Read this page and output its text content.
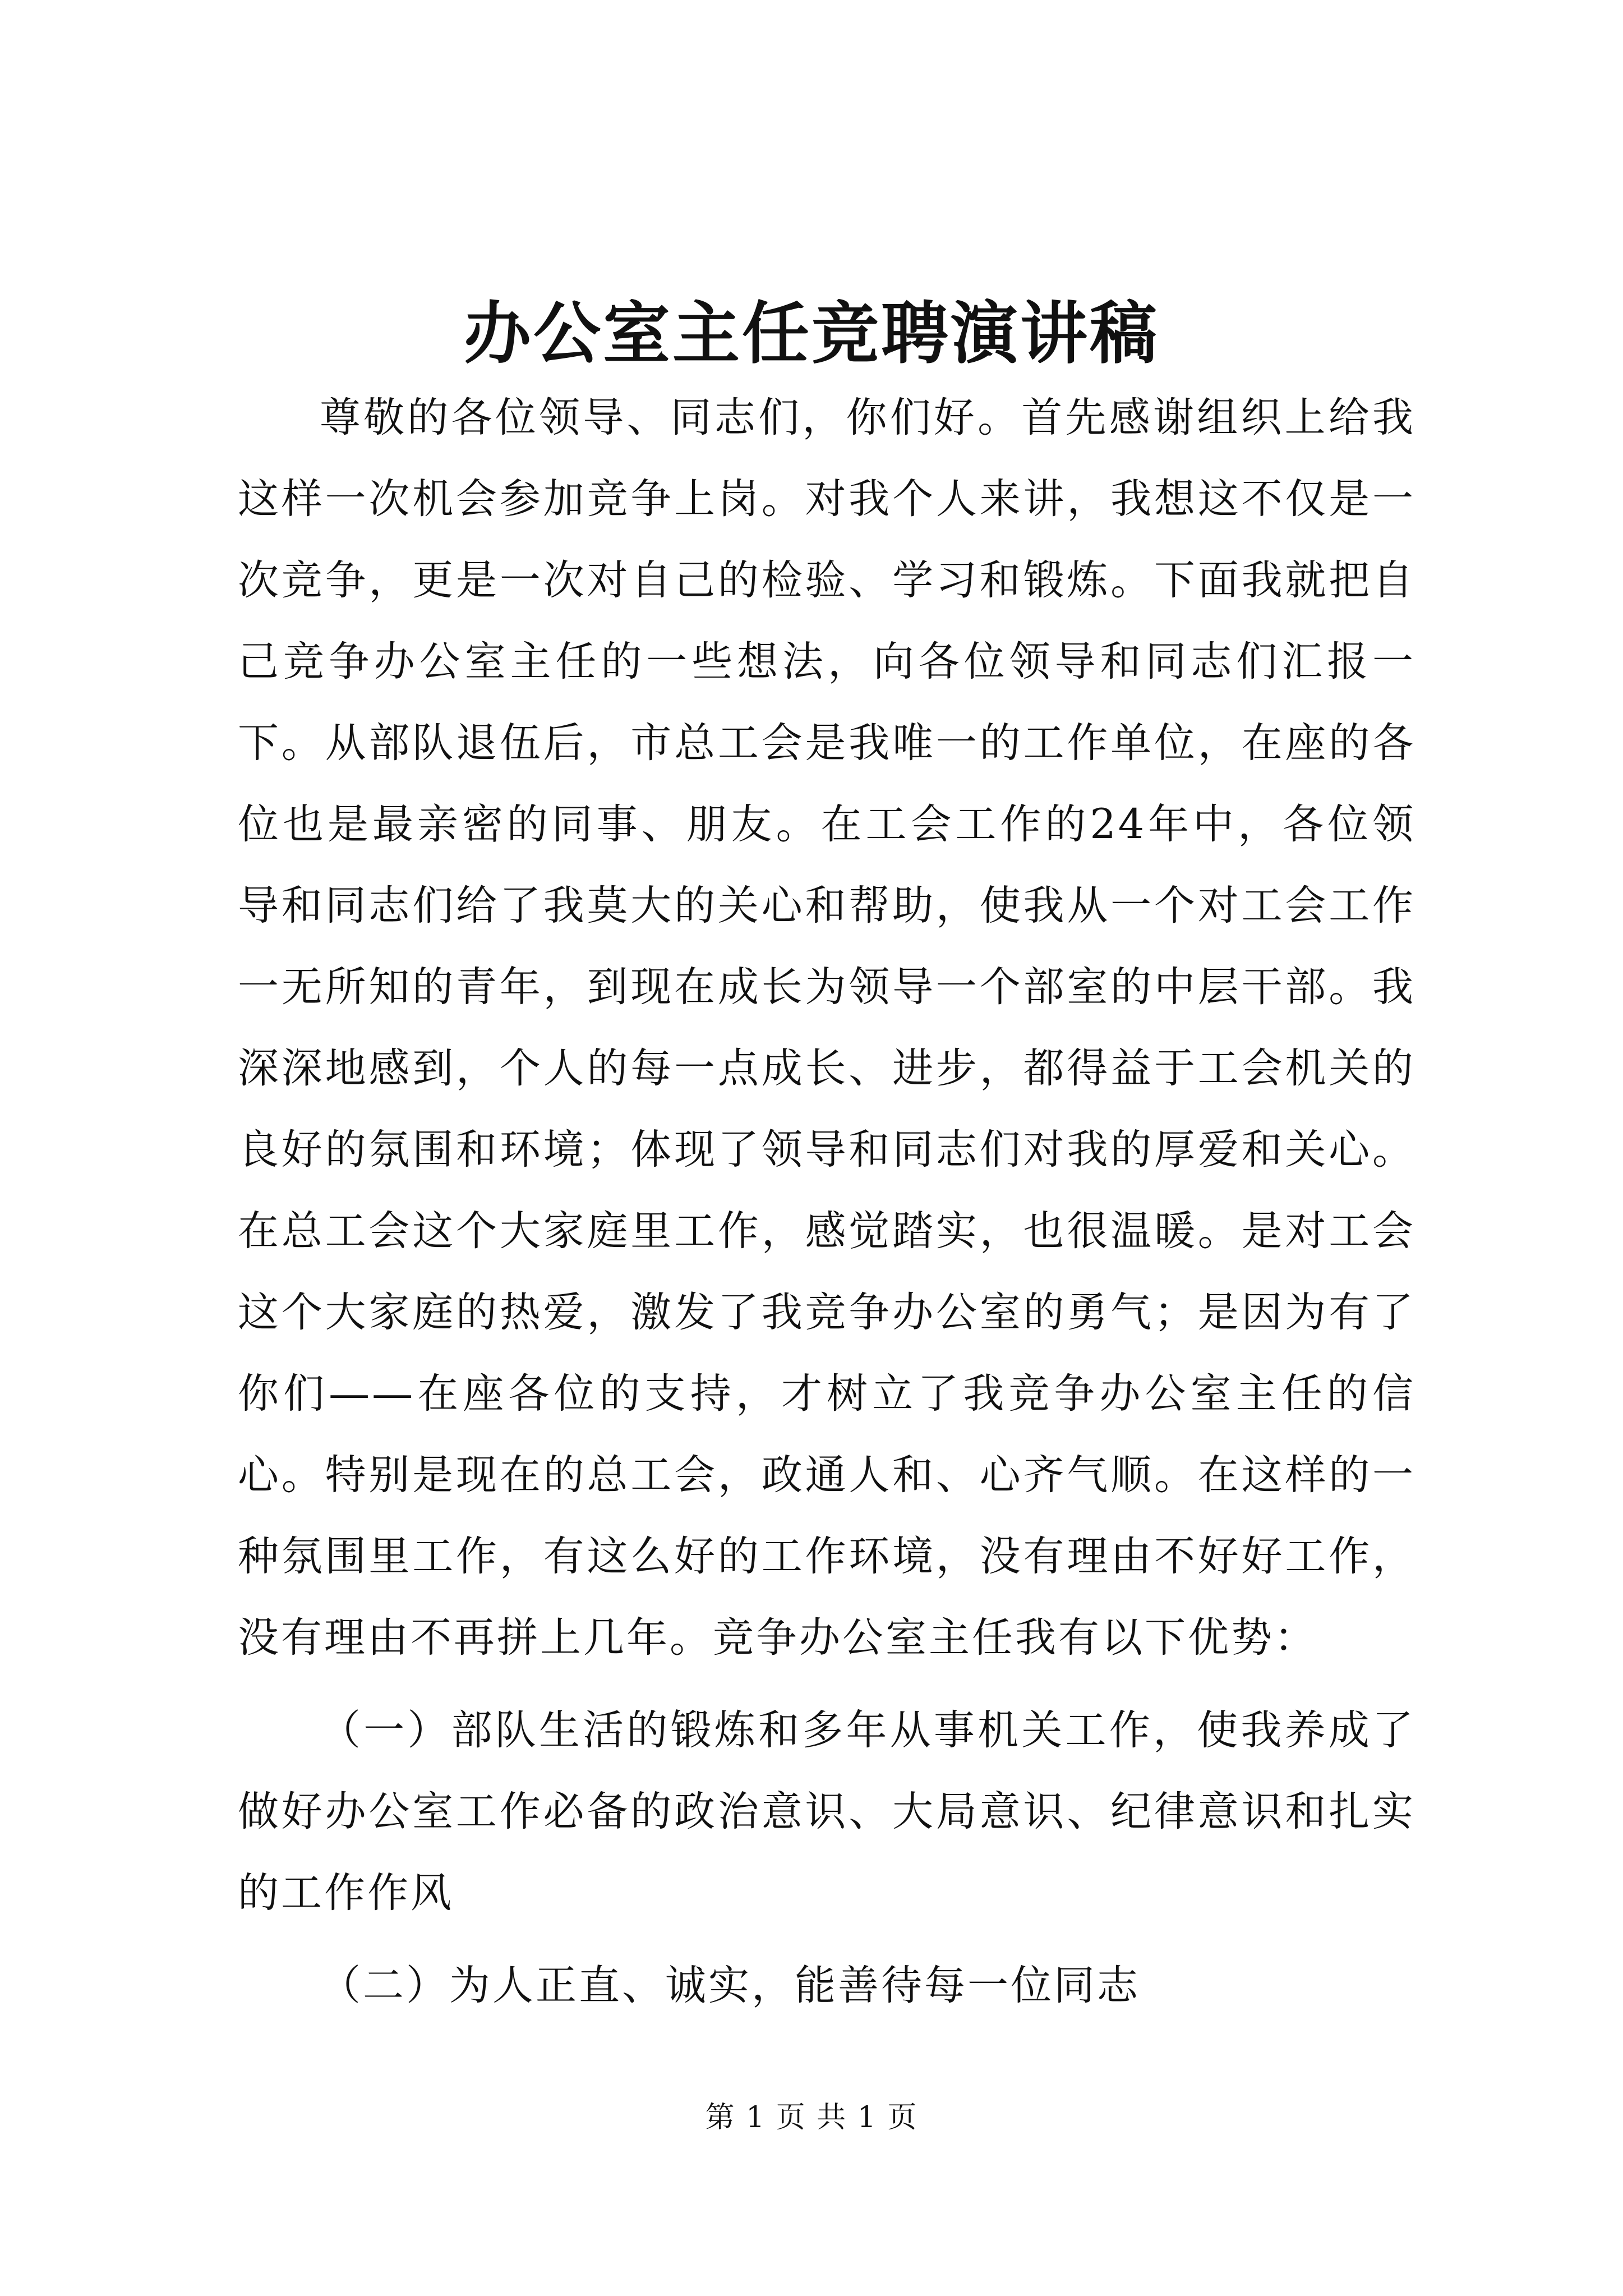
办公室主任竞聘演讲稿

尊敬的各位领导、同志们，你们好。首先感谢组织上给我这样一次机会参加竞争上岗。对我个人来讲，我想这不仅是一次竞争，更是一次对自己的检验、学习和锻炼。下面我就把自己竞争办公室主任的一些想法，向各位领导和同志们汇报一下。从部队退伍后，市总工会是我唯一的工作单位，在座的各位也是最亲密的同事、朋友。在工会工作的24年中，各位领导和同志们给了我莫大的关心和帮助，使我从一个对工会工作一无所知的青年，到现在成长为领导一个部室的中层干部。我深深地感到，个人的每一点成长、进步，都得益于工会机关的良好的氛围和环境；体现了领导和同志们对我的厚爱和关心。在总工会这个大家庭里工作，感觉踏实，也很温暖。是对工会这个大家庭的热爱，激发了我竞争办公室的勇气；是因为有了你们——在座各位的支持，才树立了我竞争办公室主任的信心。特别是现在的总工会，政通人和、心齐气顺。在这样的一种氛围里工作，有这么好的工作环境，没有理由不好好工作，没有理由不再拼上几年。竞争办公室主任我有以下优势：

（一）部队生活的锻炼和多年从事机关工作，使我养成了做好办公室工作必备的政治意识、大局意识、纪律意识和扎实的工作作风

（二）为人正直、诚实，能善待每一位同志

第 1 页 共 1 页
